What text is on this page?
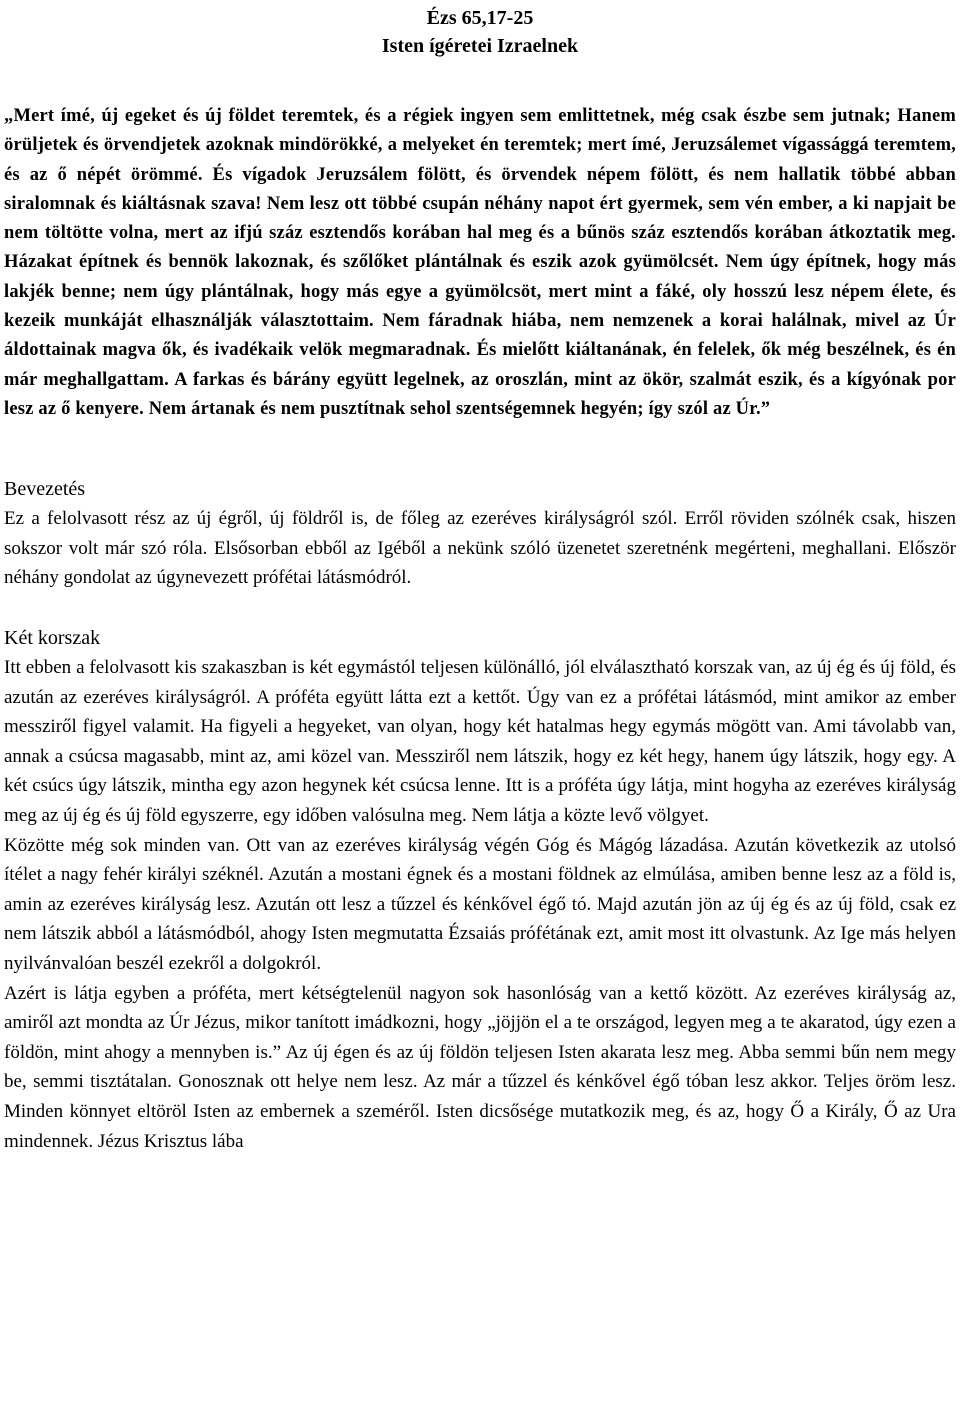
Ézs 65,17-25
Isten ígéretei Izraelnek
„Mert ímé, új egeket és új földet teremtek, és a régiek ingyen sem emlittetnek, még csak észbe sem jutnak; Hanem örüljetek és örvendjetek azoknak mindörökké, a melyeket én teremtek; mert ímé, Jeruzsálemet vígassággá teremtem, és az ő népét örömmé. És vígadok Jeruzsálem fölött, és örvendek népem fölött, és nem hallatik többé abban siralomnak és kiáltásnak szava! Nem lesz ott többé csupán néhány napot ért gyermek, sem vén ember, a ki napjait be nem töltötte volna, mert az ifjú száz esztendős korában hal meg és a bűnös száz esztendős korában átkoztatik meg. Házakat építnek és bennök lakoznak, és szőlőket plántálnak és eszik azok gyümölcsét. Nem úgy építnek, hogy más lakjék benne; nem úgy plántálnak, hogy más egye a gyümölcsöt, mert mint a fáké, oly hosszú lesz népem élete, és kezeik munkáját elhasználják választottaim. Nem fáradnak hiába, nem nemzenek a korai halálnak, mivel az Úr áldottainak magva ők, és ivadékaik velök megmaradnak. És mielőtt kiáltanának, én felelek, ők még beszélnek, és én már meghallgattam. A farkas és bárány együtt legelnek, az oroszlán, mint az ökör, szalmát eszik, és a kígyónak por lesz az ő kenyere. Nem ártanak és nem pusztítnak sehol szentségemnek hegyén; így szól az Úr.”
Bevezetés
Ez a felolvasott rész az új égről, új földről is, de főleg az ezeréves királyságról szól. Erről röviden szólnék csak, hiszen sokszor volt már szó róla. Elsősorban ebből az Igéből a nekünk szóló üzenetet szeretnénk megérteni, meghallani. Először néhány gondolat az úgynevezett prófétai látásmódról.
Két korszak
Itt ebben a felolvasott kis szakaszban is két egymástól teljesen különálló, jól elválasztható korszak van, az új ég és új föld, és azután az ezeréves királyságról. A próféta együtt látta ezt a kettőt. Úgy van ez a prófétai látásmód, mint amikor az ember messziről figyel valamit. Ha figyeli a hegyeket, van olyan, hogy két hatalmas hegy egymás mögött van. Ami távolabb van, annak a csúcsa magasabb, mint az, ami közel van. Messziről nem látszik, hogy ez két hegy, hanem úgy látszik, hogy egy. A két csúcs úgy látszik, mintha egy azon hegynek két csúcsa lenne. Itt is a próféta úgy látja, mint hogyha az ezeréves királyság meg az új ég és új föld egyszerre, egy időben valósulna meg. Nem látja a közte levő völgyet.
Közötte még sok minden van. Ott van az ezeréves királyság végén Góg és Mágóg lázadása. Azután következik az utolsó ítélet a nagy fehér királyi széknél. Azután a mostani égnek és a mostani földnek az elmúlása, amiben benne lesz az a föld is, amin az ezeréves királyság lesz. Azután ott lesz a tűzzel és kénkővel égő tó. Majd azután jön az új ég és az új föld, csak ez nem látszik abból a látásmódból, ahogy Isten megmutatta Ézsaiás prófétának ezt, amit most itt olvastunk. Az Ige más helyen nyilvánvalóan beszél ezekről a dolgokról.
Azért is látja egyben a próféta, mert kétségtelenül nagyon sok hasonlóság van a kettő között. Az ezeréves királyság az, amiről azt mondta az Úr Jézus, mikor tanított imádkozni, hogy „jöjjön el a te országod, legyen meg a te akaratod, úgy ezen a földön, mint ahogy a mennyben is.” Az új égen és az új földön teljesen Isten akarata lesz meg. Abba semmi bűn nem megy be, semmi tisztátalan. Gonosznak ott helye nem lesz. Az már a tűzzel és kénkővel égő tóban lesz akkor. Teljes öröm lesz. Minden könnyet eltöröl Isten az embernek a szeméről. Isten dicsősége mutatkozik meg, és az, hogy Ő a Király, Ő az Ura mindennek. Jézus Krisztus lába
